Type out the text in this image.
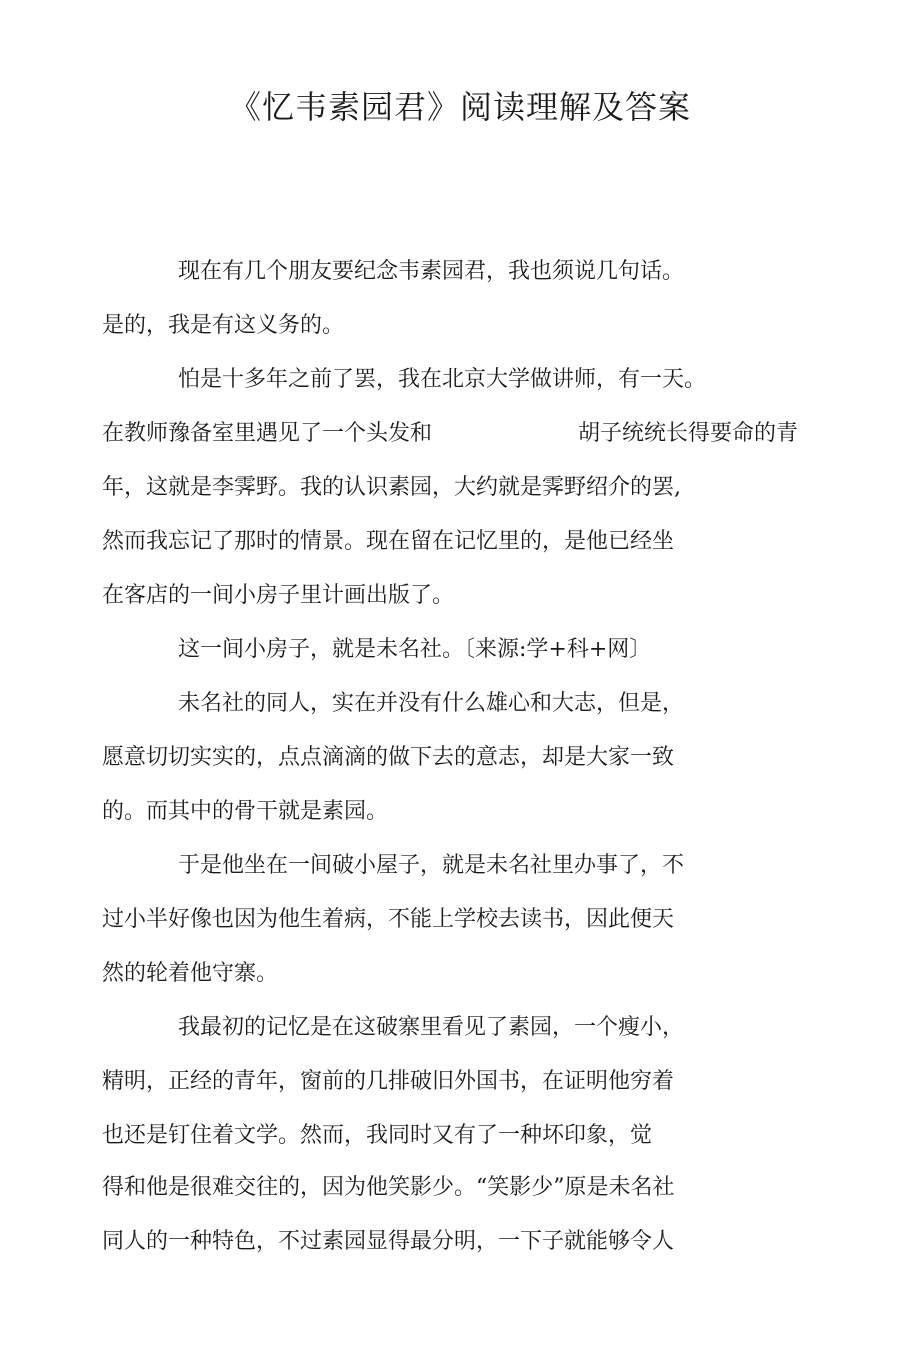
《忆韦素园君》阅读理解及答案
现在有几个朋友要纪念韦素园君，我也须说几句话。
是的，我是有这义务的。
怕是十多年之前了罢，我在北京大学做讲师，有一天。
在教师豫备室里遇见了一个头发和	胡子统统长得要命的青
年，这就是李霁野。我的认识素园，大约就是霁野绍介的罢,
然而我忘记了那时的情景。现在留在记忆里的，是他已经坐
在客店的一间小房子里计画出版了。
这一间小房子，就是未名社。〔来源:学+科+网〕
未名社的同人，实在并没有什么雄心和大志，但是，
愿意切切实实的，点点滴滴的做下去的意志，却是大家一致
的。而其中的骨干就是素园。
于是他坐在一间破小屋子，就是未名社里办事了，不
过小半好像也因为他生着病，不能上学校去读书，因此便天
然的轮着他守寨。
我最初的记忆是在这破寨里看见了素园，一个瘦小，
精明，正经的青年，窗前的几排破旧外国书，在证明他穷着
也还是钉住着文学。然而，我同时又有了一种坏印象，觉
得和他是很难交往的，因为他笑影少。“笑影少”原是未名社
同人的一种特色，不过素园显得最分明，一下子就能够令人
